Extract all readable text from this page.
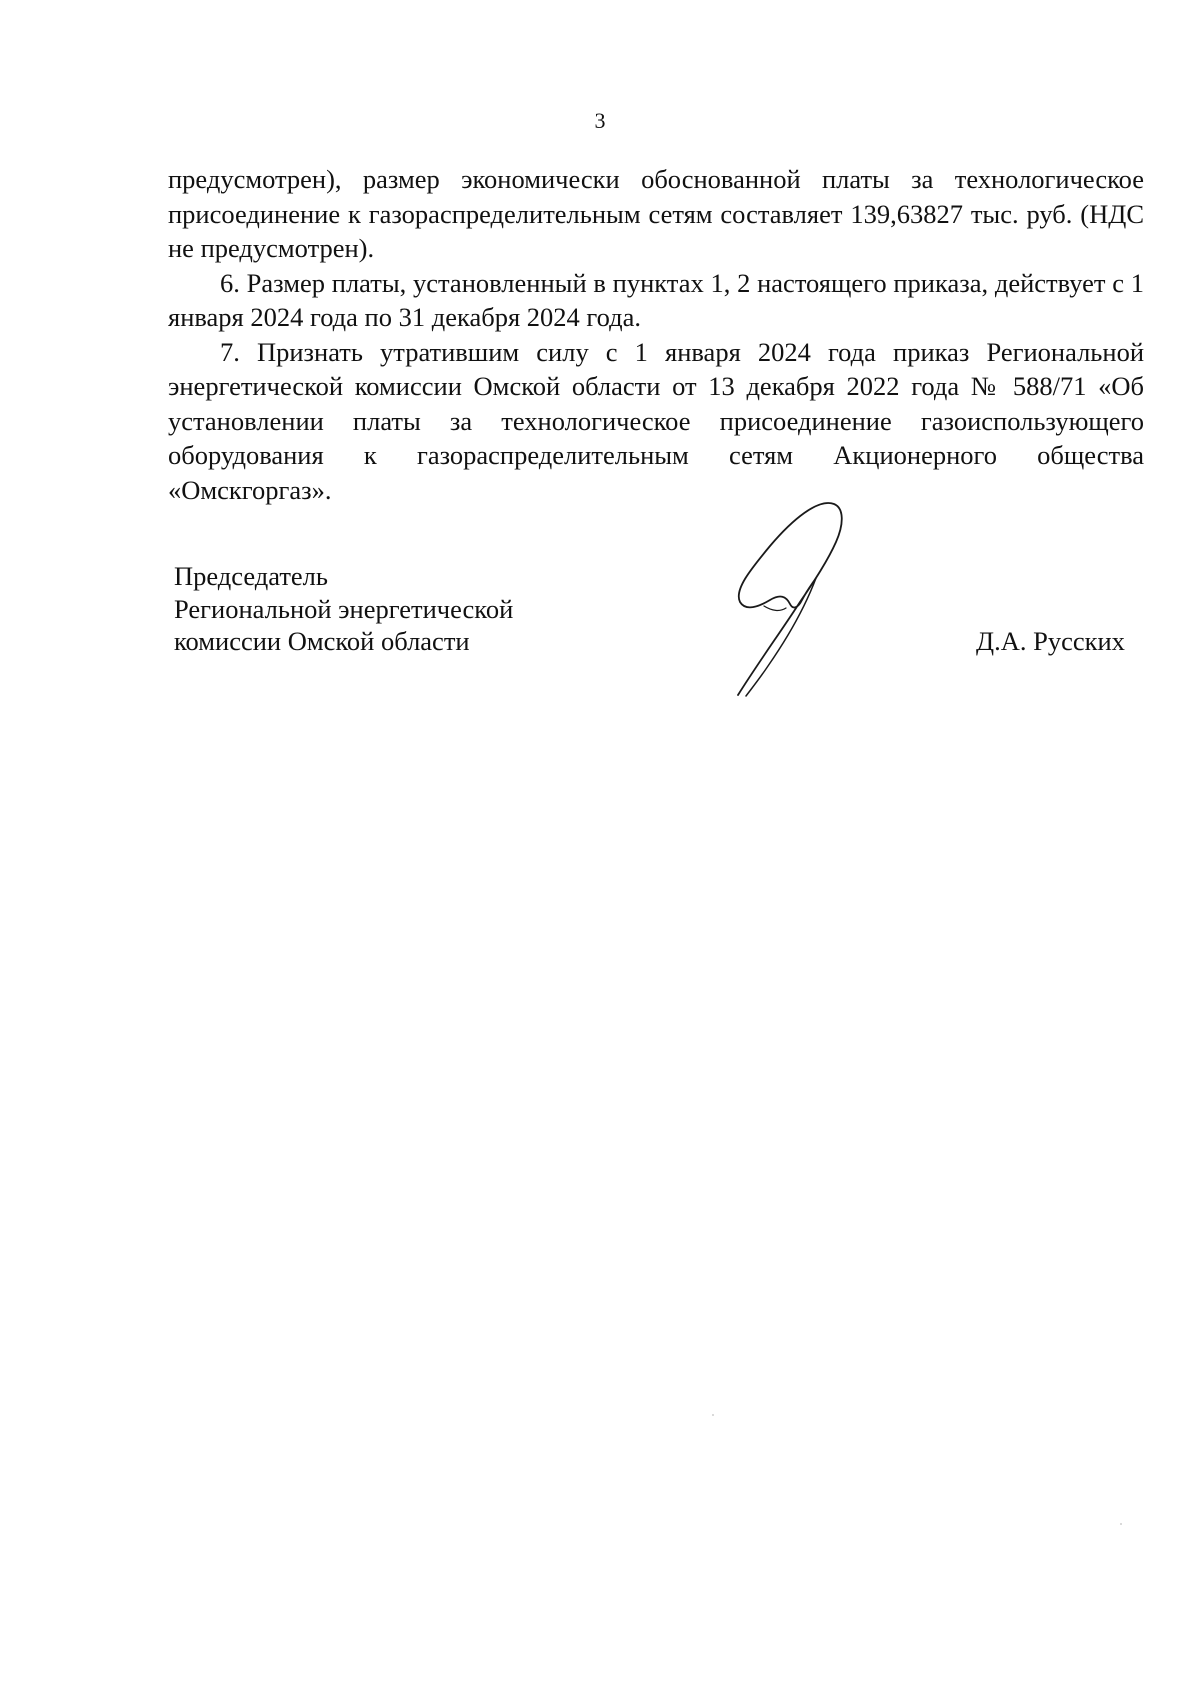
3

предусмотрен), размер экономически обоснованной платы за технологическое присоединение к газораспределительным сетям составляет 139,63827 тыс. руб. (НДС не предусмотрен).

6. Размер платы, установленный в пунктах 1, 2 настоящего приказа, действует с 1 января 2024 года по 31 декабря 2024 года.

7. Признать утратившим силу с 1 января 2024 года приказ Региональной энергетической комиссии Омской области от 13 декабря 2022 года № 588/71 «Об установлении платы за технологическое присоединение газоиспользующего оборудования к газораспределительным сетям Акционерного общества «Омскгоргаз».

Председатель
Региональной энергетической
комиссии Омской области	Д.А. Русских
